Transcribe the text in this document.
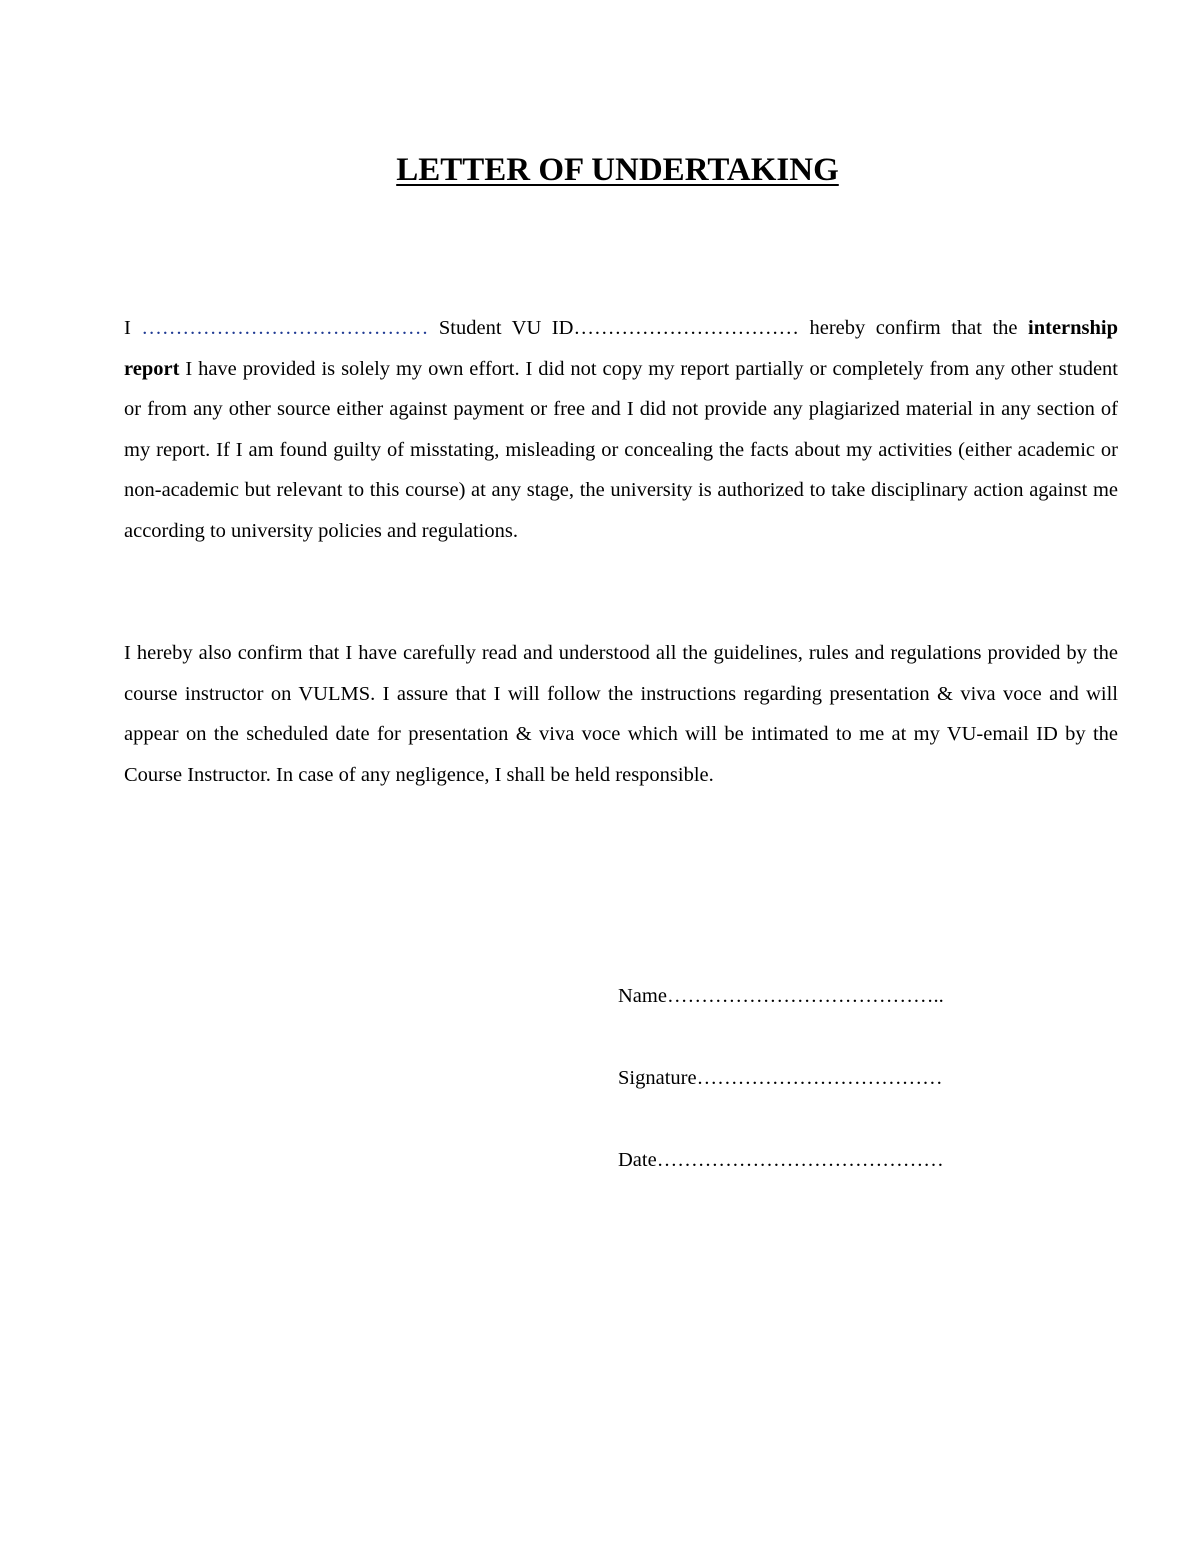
LETTER OF UNDERTAKING
I …………………………………… Student VU ID…………………………… hereby confirm that the internship report I have provided is solely my own effort. I did not copy my report partially or completely from any other student or from any other source either against payment or free and I did not provide any plagiarized material in any section of my report. If I am found guilty of misstating, misleading or concealing the facts about my activities (either academic or non-academic but relevant to this course) at any stage, the university is authorized to take disciplinary action against me according to university policies and regulations.
I hereby also confirm that I have carefully read and understood all the guidelines, rules and regulations provided by the course instructor on VULMS. I assure that I will follow the instructions regarding presentation & viva voce and will appear on the scheduled date for presentation & viva voce which will be intimated to me at my VU-email ID by the Course Instructor. In case of any negligence, I shall be held responsible.
Name…………………………………..
Signature………………………………
Date……………………………………
